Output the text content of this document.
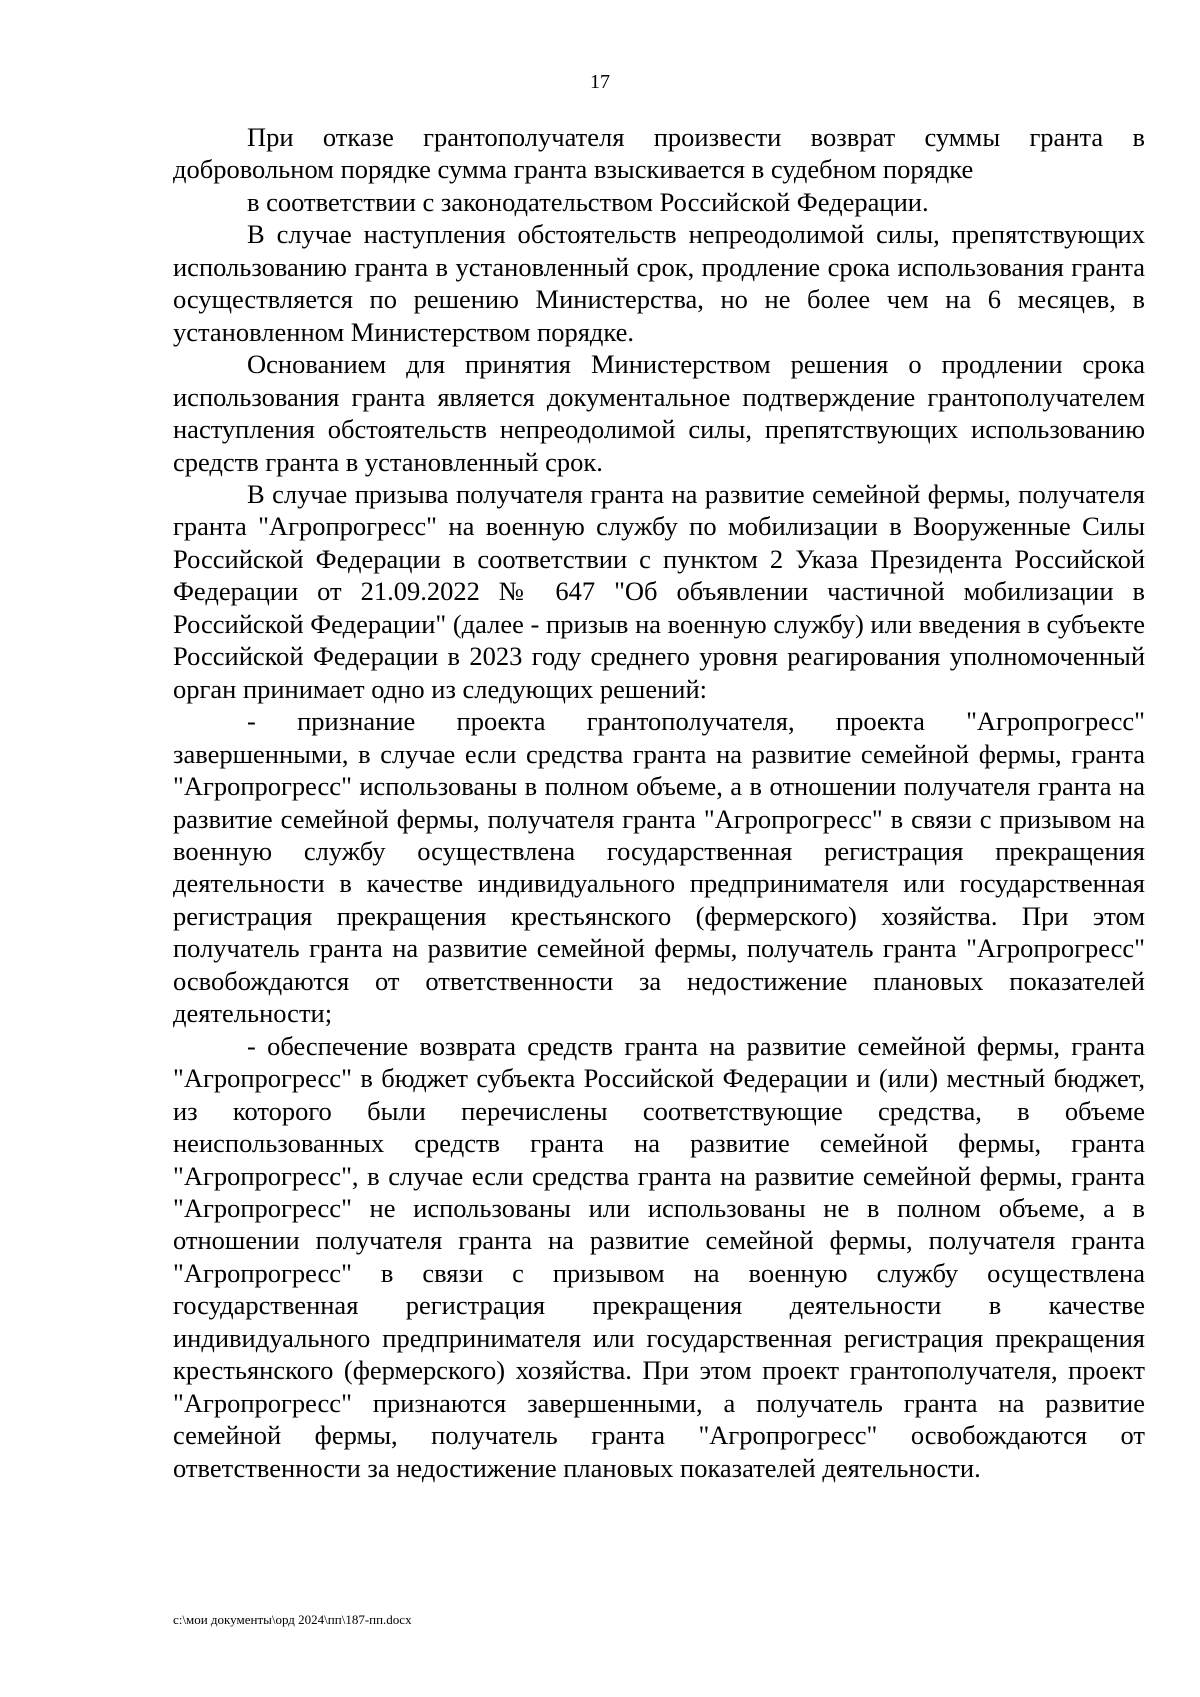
17

При отказе грантополучателя произвести возврат суммы гранта в добровольном порядке сумма гранта взыскивается в судебном порядке

в соответствии с законодательством Российской Федерации.

В случае наступления обстоятельств непреодолимой силы, препятствующих использованию гранта в установленный срок, продление срока использования гранта осуществляется по решению Министерства, но не более чем на 6 месяцев, в установленном Министерством порядке.

Основанием для принятия Министерством решения о продлении срока использования гранта является документальное подтверждение грантополучателем наступления обстоятельств непреодолимой силы, препятствующих использованию средств гранта в установленный срок.

В случае призыва получателя гранта на развитие семейной фермы, получателя гранта "Агропрогресс" на военную службу по мобилизации в Вооруженные Силы Российской Федерации в соответствии с пунктом 2 Указа Президента Российской Федерации от 21.09.2022 № 647 "Об объявлении частичной мобилизации в Российской Федерации" (далее - призыв на военную службу) или введения в субъекте Российской Федерации в 2023 году среднего уровня реагирования уполномоченный орган принимает одно из следующих решений:

- признание проекта грантополучателя, проекта "Агропрогресс" завершенными, в случае если средства гранта на развитие семейной фермы, гранта "Агропрогресс" использованы в полном объеме, а в отношении получателя гранта на развитие семейной фермы, получателя гранта "Агропрогресс" в связи с призывом на военную службу осуществлена государственная регистрация прекращения деятельности в качестве индивидуального предпринимателя или государственная регистрация прекращения крестьянского (фермерского) хозяйства. При этом получатель гранта на развитие семейной фермы, получатель гранта "Агропрогресс" освобождаются от ответственности за недостижение плановых показателей деятельности;

- обеспечение возврата средств гранта на развитие семейной фермы, гранта "Агропрогресс" в бюджет субъекта Российской Федерации и (или) местный бюджет, из которого были перечислены соответствующие средства, в объеме неиспользованных средств гранта на развитие семейной фермы, гранта "Агропрогресс", в случае если средства гранта на развитие семейной фермы, гранта "Агропрогресс" не использованы или использованы не в полном объеме, а в отношении получателя гранта на развитие семейной фермы, получателя гранта "Агропрогресс" в связи с призывом на военную службу осуществлена государственная регистрация прекращения деятельности в качестве индивидуального предпринимателя или государственная регистрация прекращения крестьянского (фермерского) хозяйства. При этом проект грантополучателя, проект "Агропрогресс" признаются завершенными, а получатель гранта на развитие семейной фермы, получатель гранта "Агропрогресс" освобождаются от ответственности за недостижение плановых показателей деятельности.

c:\мои документы\орд 2024\пп\187-пп.docx
